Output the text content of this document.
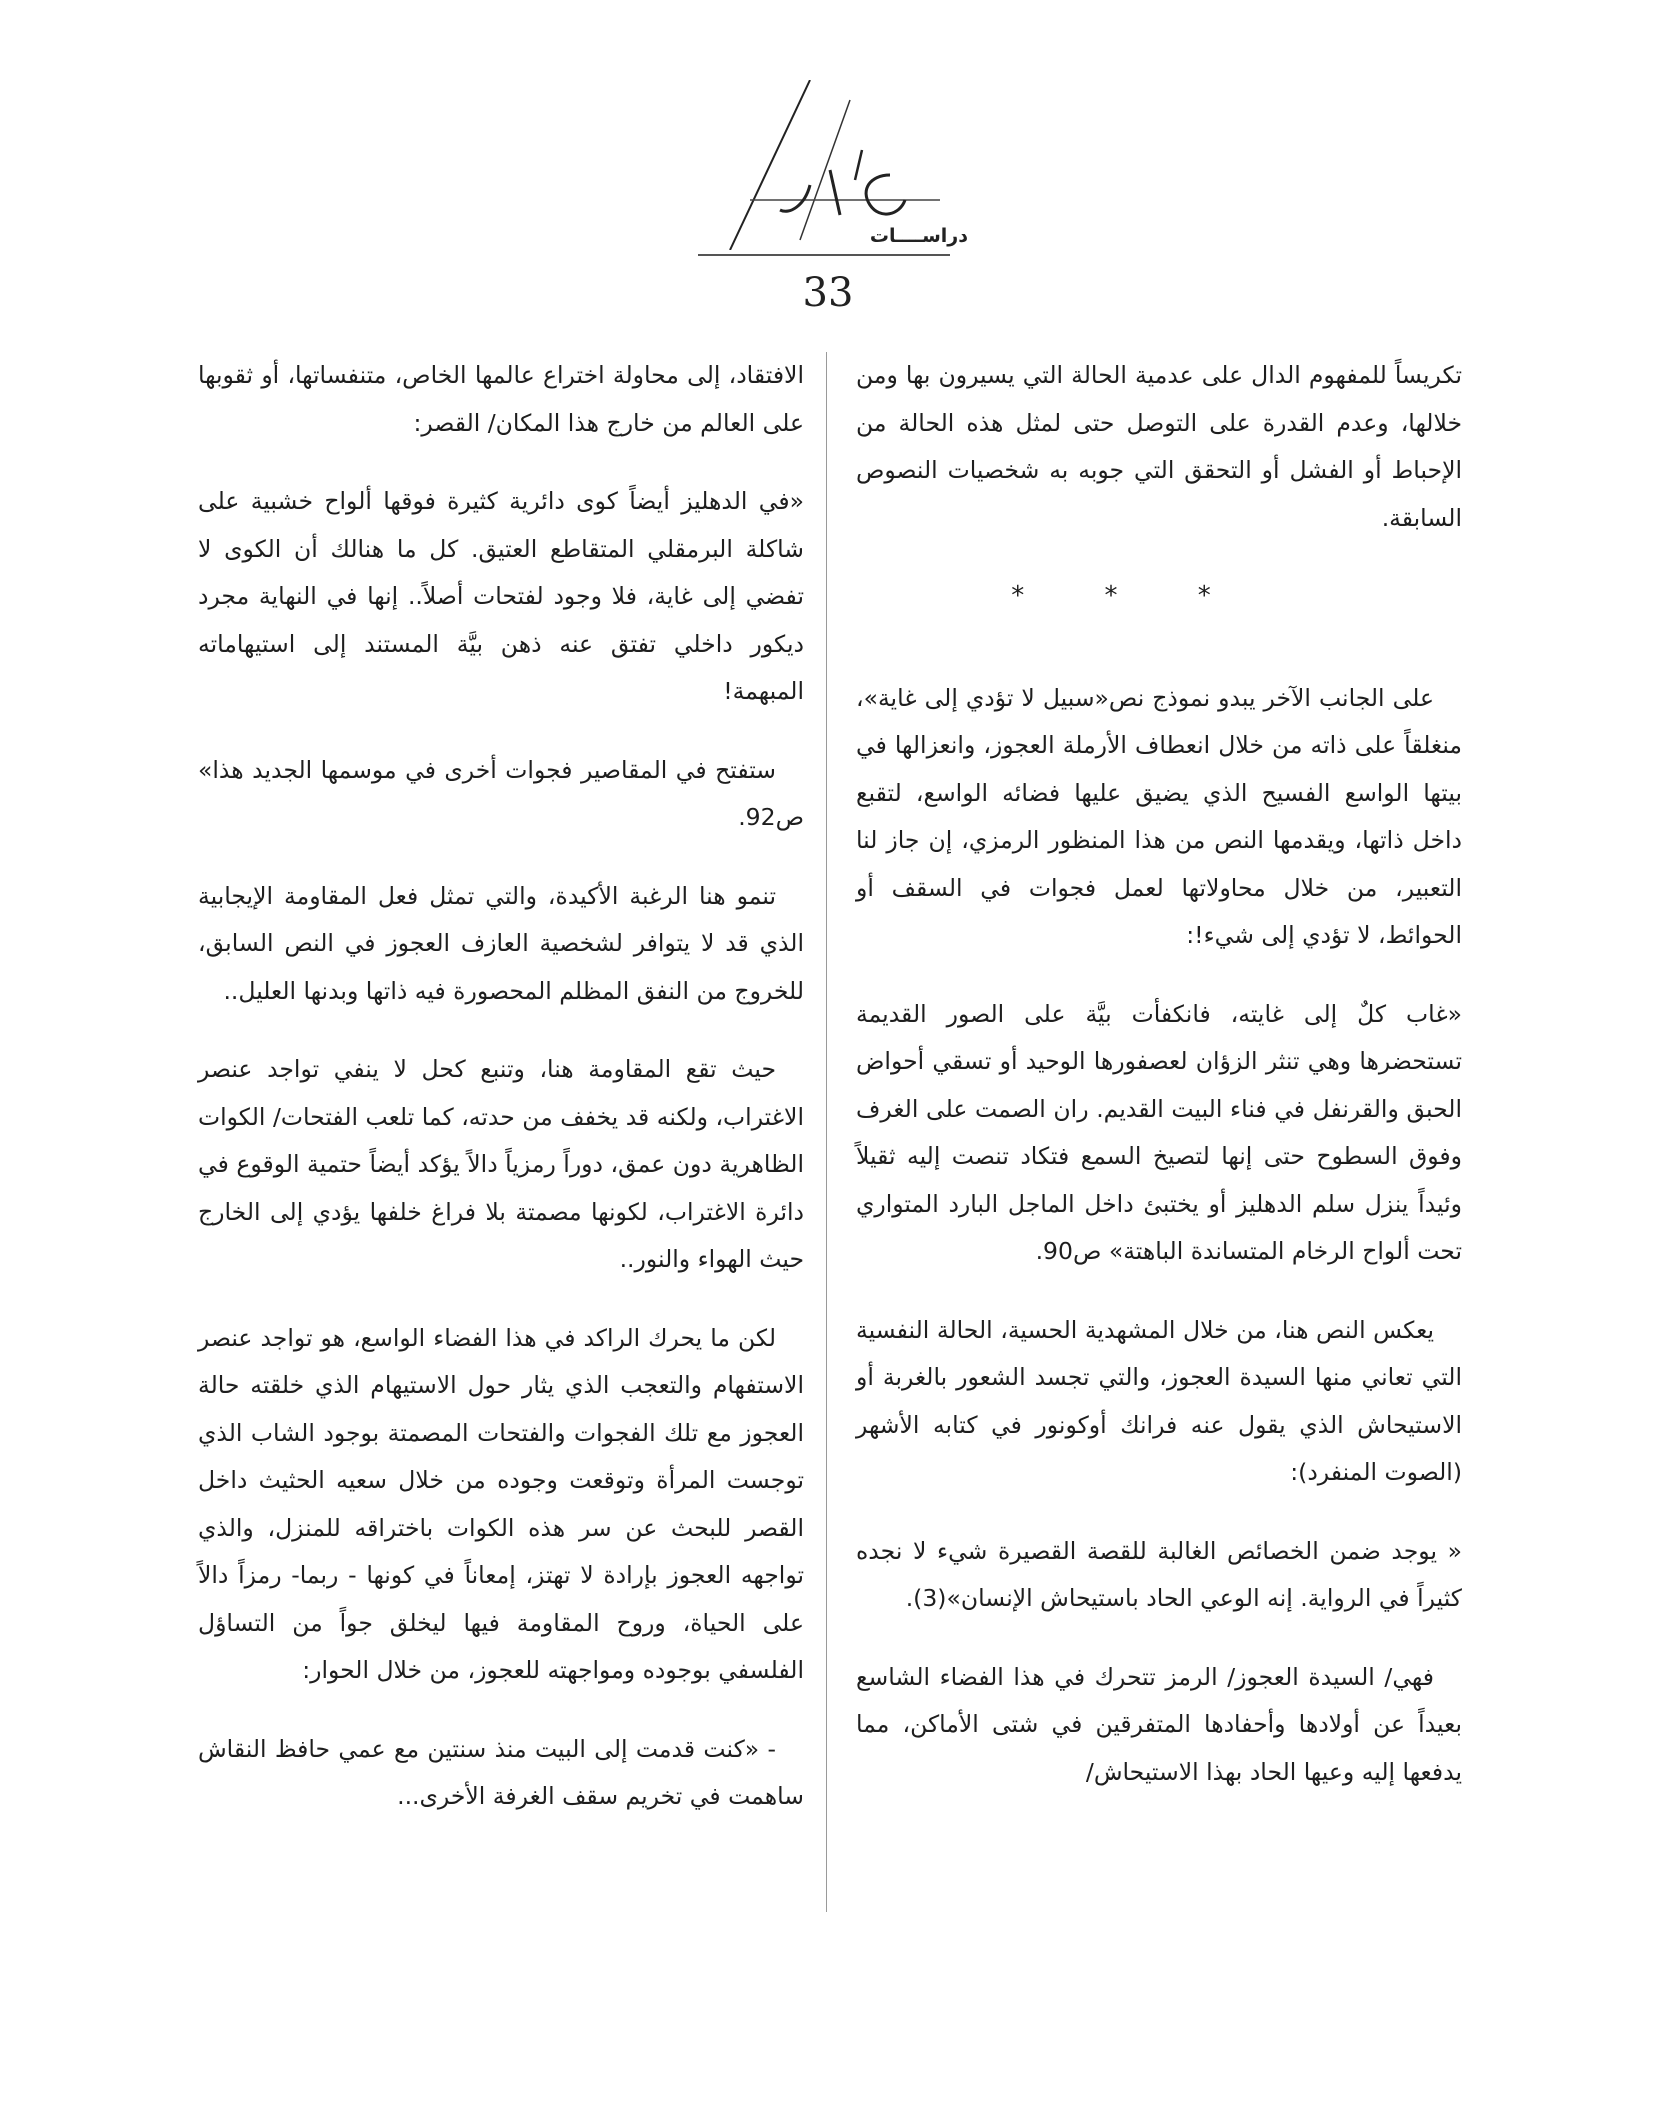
دراســــات
33

تكريساً للمفهوم الدال على عدمية الحالة التي يسيرون بها ومن خلالها، وعدم القدرة على التوصل حتى لمثل هذه الحالة من الإحباط أو الفشل أو التحقق التي جوبه به شخصيات النصوص السابقة.

* * *

على الجانب الآخر يبدو نموذج نص«سبيل لا تؤدي إلى غاية»، منغلقاً على ذاته من خلال انعطاف الأرملة العجوز، وانعزالها في بيتها الواسع الفسيح الذي يضيق عليها فضائه الواسع، لتقبع داخل ذاتها، ويقدمها النص من هذا المنظور الرمزي، إن جاز لنا التعبير، من خلال محاولاتها لعمل فجوات في السقف أو الحوائط، لا تؤدي إلى شيء!:

«غاب كلٌ إلى غايته، فانكفأت بيَّة على الصور القديمة تستحضرها وهي تنثر الزؤان لعصفورها الوحيد أو تسقي أحواض الحبق والقرنفل في فناء البيت القديم. ران الصمت على الغرف وفوق السطوح حتى إنها لتصيخ السمع فتكاد تنصت إليه ثقيلاً وئيداً ينزل سلم الدهليز أو يختبئ داخل الماجل البارد المتواري تحت ألواح الرخام المتساندة الباهتة» ص90.

يعكس النص هنا، من خلال المشهدية الحسية، الحالة النفسية التي تعاني منها السيدة العجوز، والتي تجسد الشعور بالغربة أو الاستيحاش الذي يقول عنه فرانك أوكونور في كتابه الأشهر (الصوت المنفرد):

« يوجد ضمن الخصائص الغالبة للقصة القصيرة شيء لا نجده كثيراً في الرواية. إنه الوعي الحاد باستيحاش الإنسان»(3).

فهي/ السيدة العجوز/ الرمز تتحرك في هذا الفضاء الشاسع بعيداً عن أولادها وأحفادها المتفرقين في شتى الأماكن، مما يدفعها إليه وعيها الحاد بهذا الاستيحاش/

الافتقاد، إلى محاولة اختراع عالمها الخاص، متنفساتها، أو ثقوبها على العالم من خارج هذا المكان/ القصر:

«في الدهليز أيضاً كوى دائرية كثيرة فوقها ألواح خشبية على شاكلة البرمقلي المتقاطع العتيق. كل ما هنالك أن الكوى لا تفضي إلى غاية، فلا وجود لفتحات أصلاً.. إنها في النهاية مجرد ديكور داخلي تفتق عنه ذهن بيَّة المستند إلى استيهاماته المبهمة!

ستفتح في المقاصير فجوات أخرى في موسمها الجديد هذا» ص92.

تنمو هنا الرغبة الأكيدة، والتي تمثل فعل المقاومة الإيجابية الذي قد لا يتوافر لشخصية العازف العجوز في النص السابق، للخروج من النفق المظلم المحصورة فيه ذاتها وبدنها العليل..

حيث تقع المقاومة هنا، وتنبع كحل لا ينفي تواجد عنصر الاغتراب، ولكنه قد يخفف من حدته، كما تلعب الفتحات/ الكوات الظاهرية دون عمق، دوراً رمزياً دالاً يؤكد أيضاً حتمية الوقوع في دائرة الاغتراب، لكونها مصمتة بلا فراغ خلفها يؤدي إلى الخارج حيث الهواء والنور..

لكن ما يحرك الراكد في هذا الفضاء الواسع، هو تواجد عنصر الاستفهام والتعجب الذي يثار حول الاستيهام الذي خلقته حالة العجوز مع تلك الفجوات والفتحات المصمتة بوجود الشاب الذي توجست المرأة وتوقعت وجوده من خلال سعيه الحثيث داخل القصر للبحث عن سر هذه الكوات باختراقه للمنزل، والذي تواجهه العجوز بإرادة لا تهتز، إمعاناً في كونها - ربما- رمزاً دالاً على الحياة، وروح المقاومة فيها ليخلق جواً من التساؤل الفلسفي بوجوده ومواجهته للعجوز، من خلال الحوار:

- «كنت قدمت إلى البيت منذ سنتين مع عمي حافظ النقاش ساهمت في تخريم سقف الغرفة الأخرى...
